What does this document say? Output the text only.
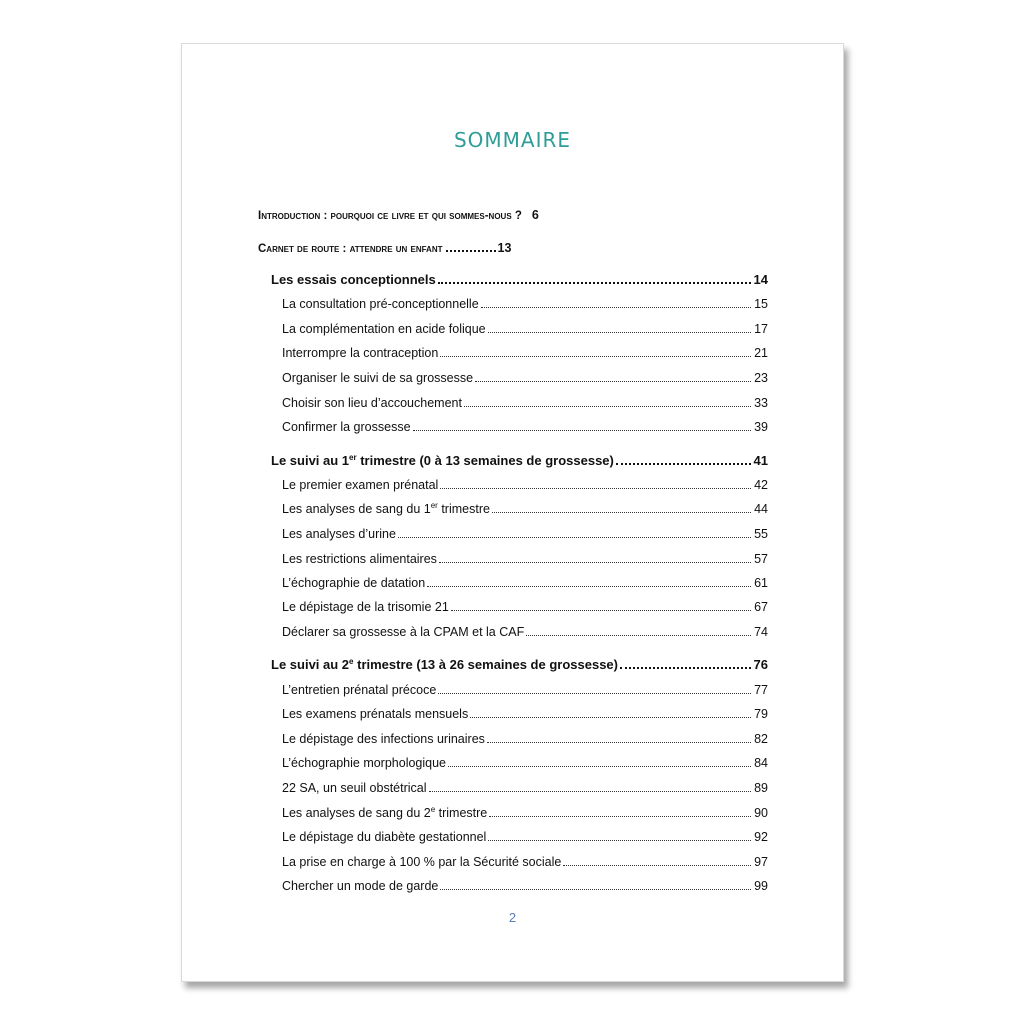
SOMMAIRE
Introduction : pourquoi ce livre et qui sommes-nous ? 6
Carnet de route : attendre un enfant	13
Les essais conceptionnels	14
La consultation pré-conceptionnelle	15
La complémentation en acide folique	17
Interrompre la contraception	21
Organiser le suivi de sa grossesse	23
Choisir son lieu d’accouchement	33
Confirmer la grossesse	39
Le suivi au 1er trimestre (0 à 13 semaines de grossesse)	41
Le premier examen prénatal	42
Les analyses de sang du 1er trimestre	44
Les analyses d’urine	55
Les restrictions alimentaires	57
L’échographie de datation	61
Le dépistage de la trisomie 21	67
Déclarer sa grossesse à la CPAM et la CAF	74
Le suivi au 2e trimestre (13 à 26 semaines de grossesse)	76
L’entretien prénatal précoce	77
Les examens prénatals mensuels	79
Le dépistage des infections urinaires	82
L’échographie morphologique	84
22 SA, un seuil obstétrical	89
Les analyses de sang du 2e trimestre	90
Le dépistage du diabète gestationnel	92
La prise en charge à 100 % par la Sécurité sociale	97
Chercher un mode de garde	99
2
